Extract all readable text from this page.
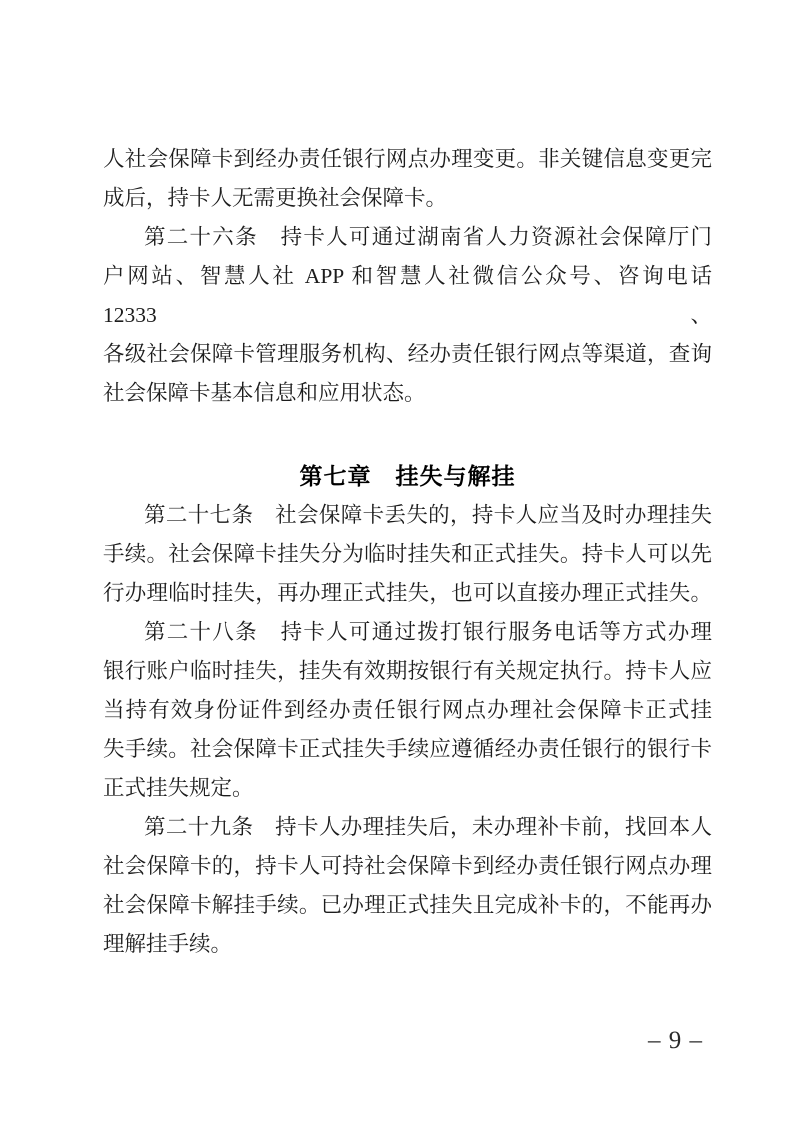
人社会保障卡到经办责任银行网点办理变更。非关键信息变更完
成后，持卡人无需更换社会保障卡。
第二十六条　持卡人可通过湖南省人力资源社会保障厅门
户网站、智慧人社 APP 和智慧人社微信公众号、咨询电话 12333、
各级社会保障卡管理服务机构、经办责任银行网点等渠道，查询
社会保障卡基本信息和应用状态。
第七章　挂失与解挂
第二十七条　社会保障卡丢失的，持卡人应当及时办理挂失
手续。社会保障卡挂失分为临时挂失和正式挂失。持卡人可以先
行办理临时挂失，再办理正式挂失，也可以直接办理正式挂失。
第二十八条　持卡人可通过拨打银行服务电话等方式办理
银行账户临时挂失，挂失有效期按银行有关规定执行。持卡人应
当持有效身份证件到经办责任银行网点办理社会保障卡正式挂
失手续。社会保障卡正式挂失手续应遵循经办责任银行的银行卡
正式挂失规定。
第二十九条　持卡人办理挂失后，未办理补卡前，找回本人
社会保障卡的，持卡人可持社会保障卡到经办责任银行网点办理
社会保障卡解挂手续。已办理正式挂失且完成补卡的，不能再办
理解挂手续。
– 9 –
